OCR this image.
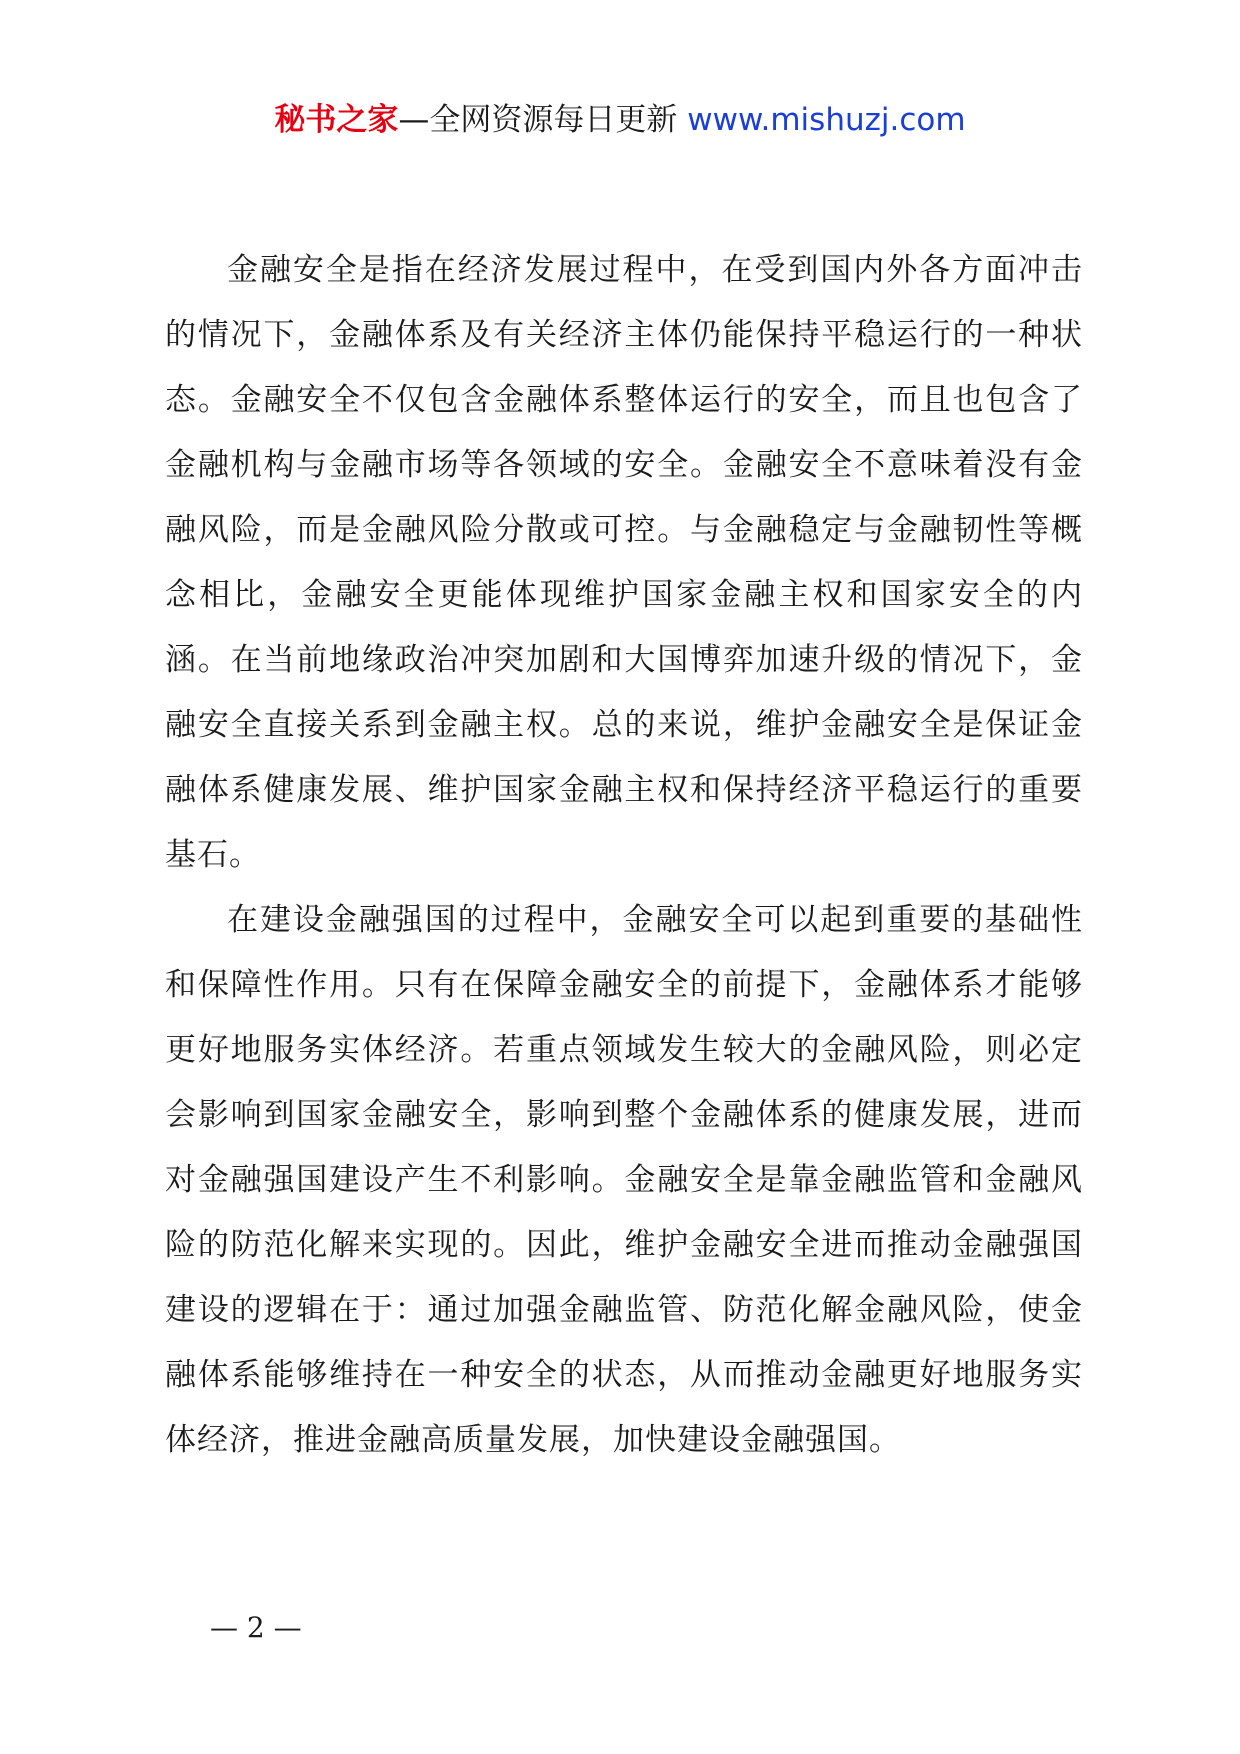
秘书之家—全网资源每日更新 www.mishuzj.com

金融安全是指在经济发展过程中，在受到国内外各方面冲击的情况下，金融体系及有关经济主体仍能保持平稳运行的一种状态。金融安全不仅包含金融体系整体运行的安全，而且也包含了金融机构与金融市场等各领域的安全。金融安全不意味着没有金融风险，而是金融风险分散或可控。与金融稳定与金融韧性等概念相比，金融安全更能体现维护国家金融主权和国家安全的内涵。在当前地缘政治冲突加剧和大国博弈加速升级的情况下，金融安全直接关系到金融主权。总的来说，维护金融安全是保证金融体系健康发展、维护国家金融主权和保持经济平稳运行的重要基石。

在建设金融强国的过程中，金融安全可以起到重要的基础性和保障性作用。只有在保障金融安全的前提下，金融体系才能够更好地服务实体经济。若重点领域发生较大的金融风险，则必定会影响到国家金融安全，影响到整个金融体系的健康发展，进而对金融强国建设产生不利影响。金融安全是靠金融监管和金融风险的防范化解来实现的。因此，维护金融安全进而推动金融强国建设的逻辑在于：通过加强金融监管、防范化解金融风险，使金融体系能够维持在一种安全的状态，从而推动金融更好地服务实体经济，推进金融高质量发展，加快建设金融强国。

— 2 —
